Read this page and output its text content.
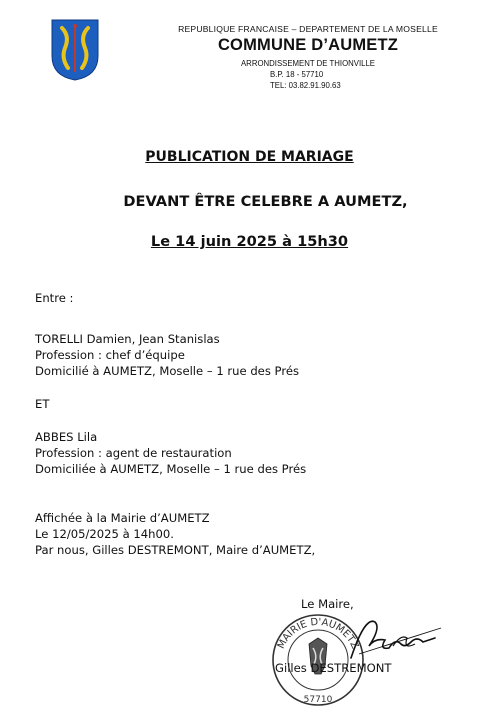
REPUBLIQUE FRANCAISE – DEPARTEMENT DE LA MOSELLE
COMMUNE D’AUMETZ
ARRONDISSEMENT DE THIONVILLE
B.P. 18 - 57710
TEL: 03.82.91.90.63
PUBLICATION DE MARIAGE
DEVANT ÊTRE CELEBRE A AUMETZ,
Le 14 juin 2025 à 15h30
Entre :
TORELLI Damien, Jean Stanislas
Profession : chef d’équipe
Domicilié à AUMETZ, Moselle – 1 rue des Prés
ET
ABBES Lila
Profession : agent de restauration
Domiciliée à AUMETZ, Moselle – 1 rue des Prés
Affichée à la Mairie d’AUMETZ
Le 12/05/2025 à 14h00.
Par nous, Gilles DESTREMONT, Maire d’AUMETZ,
Le Maire,
MAIRIE D'AUMETZ
57710
Gilles DESTREMONT
